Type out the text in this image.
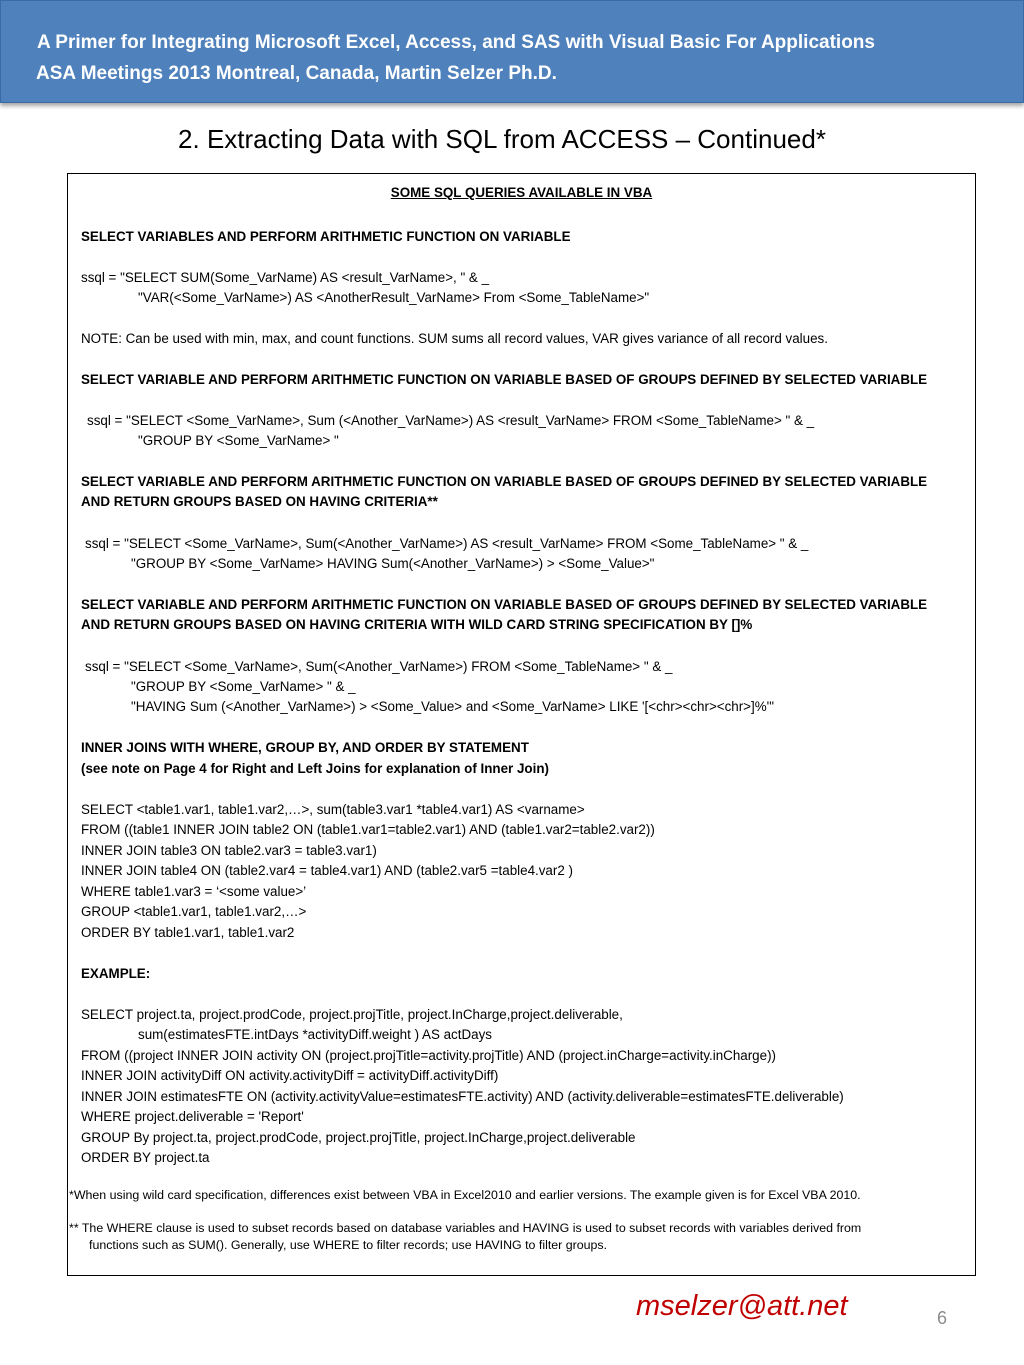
A Primer for Integrating Microsoft Excel, Access, and SAS with Visual Basic For Applications
ASA Meetings 2013 Montreal, Canada, Martin Selzer Ph.D.
2. Extracting Data with SQL from ACCESS – Continued*
SOME SQL QUERIES AVAILABLE IN VBA
SELECT VARIABLES AND PERFORM ARITHMETIC FUNCTION ON VARIABLE
ssql = "SELECT SUM(Some_VarName) AS <result_VarName>, " & _
"VAR(<Some_VarName>) AS <AnotherResult_VarName> From <Some_TableName>"
NOTE: Can be used with min, max, and count functions. SUM sums all record values, VAR gives variance of all record values.
SELECT VARIABLE AND PERFORM ARITHMETIC FUNCTION ON VARIABLE BASED OF GROUPS DEFINED BY SELECTED VARIABLE
ssql = "SELECT <Some_VarName>, Sum (<Another_VarName>) AS <result_VarName> FROM <Some_TableName> " & _
"GROUP BY <Some_VarName> "
SELECT VARIABLE AND PERFORM ARITHMETIC FUNCTION ON VARIABLE BASED OF GROUPS DEFINED BY SELECTED VARIABLE
AND RETURN GROUPS BASED ON HAVING CRITERIA**
ssql = "SELECT <Some_VarName>, Sum(<Another_VarName>) AS <result_VarName> FROM <Some_TableName> " & _
"GROUP BY <Some_VarName> HAVING Sum(<Another_VarName>) > <Some_Value>"
SELECT VARIABLE AND PERFORM ARITHMETIC FUNCTION ON VARIABLE BASED OF GROUPS DEFINED BY SELECTED VARIABLE
AND RETURN GROUPS BASED ON HAVING CRITERIA WITH WILD CARD STRING SPECIFICATION BY []%
ssql = "SELECT <Some_VarName>, Sum(<Another_VarName>) FROM <Some_TableName> " & _
"GROUP BY <Some_VarName> " & _
"HAVING Sum (<Another_VarName>) > <Some_Value> and <Some_VarName> LIKE '[<chr><chr><chr>]%'"
INNER JOINS WITH WHERE, GROUP BY, AND ORDER BY STATEMENT
(see note on Page 4 for Right and Left Joins for explanation of Inner Join)
SELECT <table1.var1, table1.var2,…>, sum(table3.var1 *table4.var1) AS <varname>
FROM ((table1 INNER JOIN table2 ON (table1.var1=table2.var1) AND (table1.var2=table2.var2))
INNER JOIN table3 ON table2.var3 = table3.var1)
INNER JOIN table4 ON (table2.var4 = table4.var1) AND (table2.var5 =table4.var2 )
WHERE table1.var3 = ‘<some value>’
GROUP <table1.var1, table1.var2,…>
ORDER BY table1.var1, table1.var2
EXAMPLE:
SELECT project.ta, project.prodCode, project.projTitle, project.InCharge,project.deliverable,
sum(estimatesFTE.intDays *activityDiff.weight ) AS actDays
FROM ((project INNER JOIN activity ON (project.projTitle=activity.projTitle) AND (project.inCharge=activity.inCharge))
INNER JOIN activityDiff ON activity.activityDiff = activityDiff.activityDiff)
INNER JOIN estimatesFTE ON (activity.activityValue=estimatesFTE.activity) AND (activity.deliverable=estimatesFTE.deliverable)
WHERE project.deliverable = 'Report'
GROUP By project.ta, project.prodCode, project.projTitle, project.InCharge,project.deliverable
ORDER BY project.ta
*When using wild card specification, differences exist between VBA in Excel2010 and earlier versions. The example given is for Excel VBA 2010.
** The WHERE clause is used to subset records based on database variables and HAVING is used to subset records with variables derived from
functions such as SUM(). Generally, use WHERE to filter records; use HAVING to filter groups.
mselzer@att.net	6
